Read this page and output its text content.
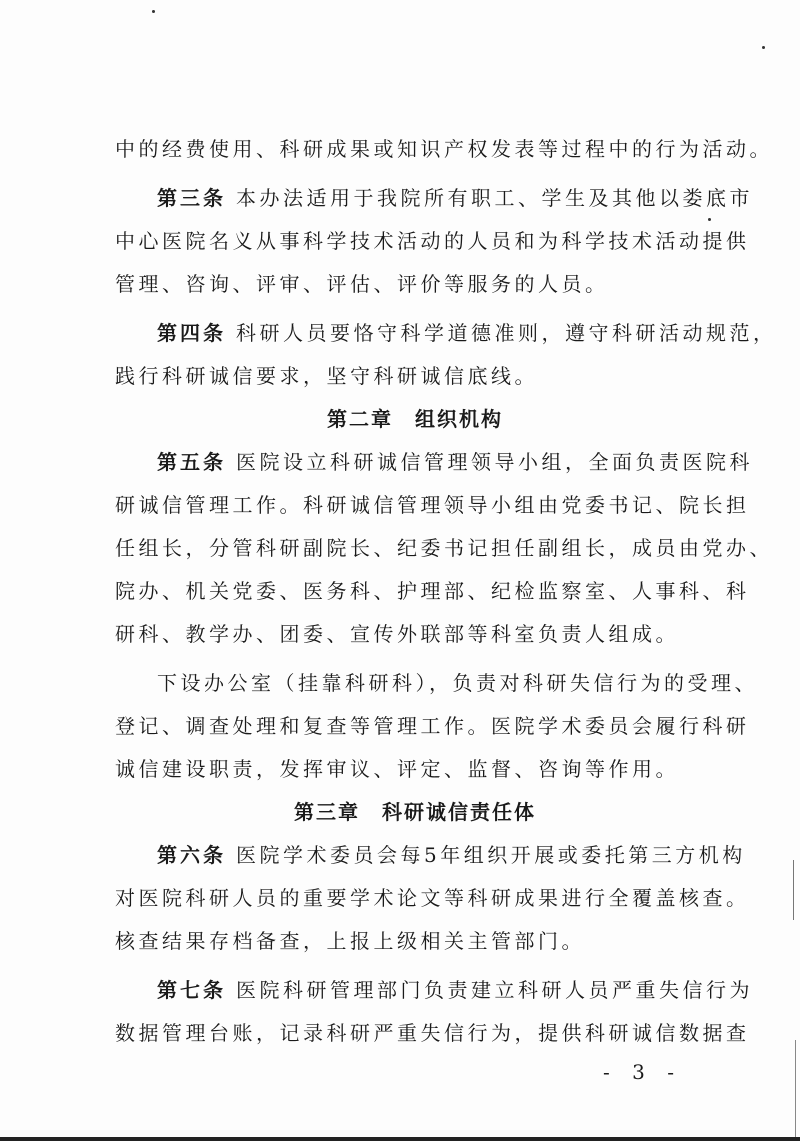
中的经费使用、科研成果或知识产权发表等过程中的行为活动。
第三条 本办法适用于我院所有职工、学生及其他以娄底市
中心医院名义从事科学技术活动的人员和为科学技术活动提供
管理、咨询、评审、评估、评价等服务的人员。
第四条 科研人员要恪守科学道德准则，遵守科研活动规范，
践行科研诚信要求，坚守科研诚信底线。
第二章　组织机构
第五条 医院设立科研诚信管理领导小组，全面负责医院科
研诚信管理工作。科研诚信管理领导小组由党委书记、院长担
任组长，分管科研副院长、纪委书记担任副组长，成员由党办、
院办、机关党委、医务科、护理部、纪检监察室、人事科、科
研科、教学办、团委、宣传外联部等科室负责人组成。
下设办公室（挂靠科研科），负责对科研失信行为的受理、
登记、调查处理和复查等管理工作。医院学术委员会履行科研
诚信建设职责，发挥审议、评定、监督、咨询等作用。
第三章　科研诚信责任体
第六条 医院学术委员会每5年组织开展或委托第三方机构
对医院科研人员的重要学术论文等科研成果进行全覆盖核查。
核查结果存档备查，上报上级相关主管部门。
第七条 医院科研管理部门负责建立科研人员严重失信行为
数据管理台账，记录科研严重失信行为，提供科研诚信数据查
- 3 -
